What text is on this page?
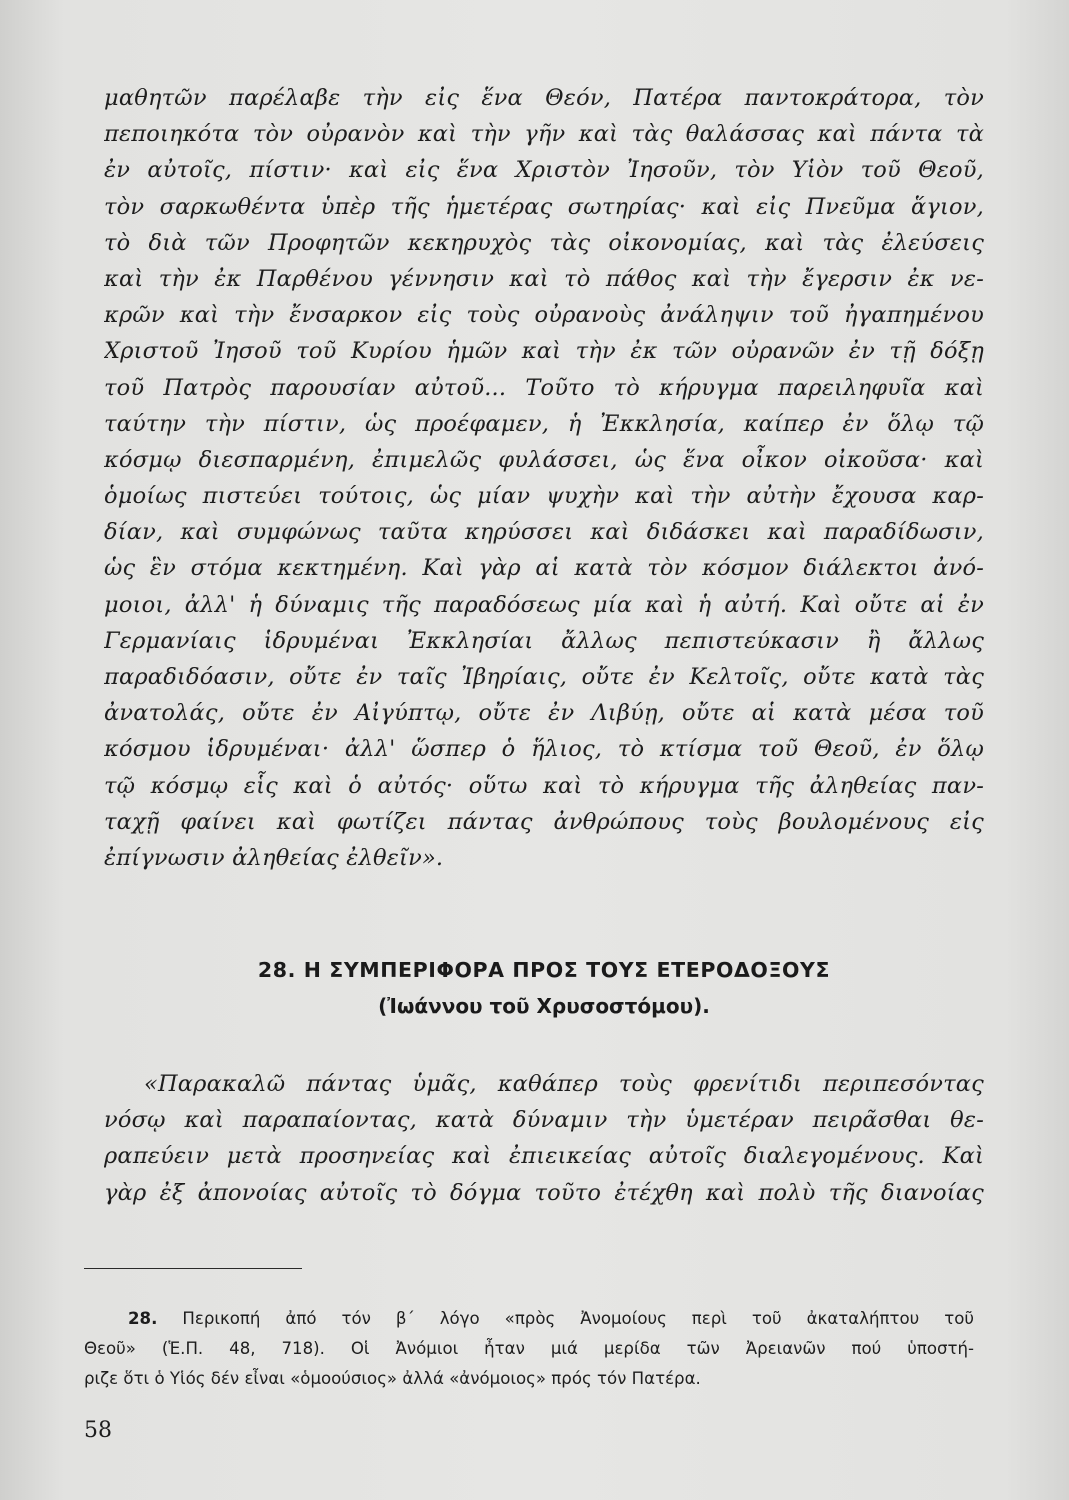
μαθητῶν παρέλαβε τὴν εἰς ἕνα Θεόν, Πατέρα παντοκράτορα, τὸν
πεποιηκότα τὸν οὐρανὸν καὶ τὴν γῆν καὶ τὰς θαλάσσας καὶ πάντα τὰ
ἐν αὐτοῖς, πίστιν· καὶ εἰς ἕνα Χριστὸν Ἰησοῦν, τὸν Υἱὸν τοῦ Θεοῦ,
τὸν σαρκωθέντα ὑπὲρ τῆς ἡμετέρας σωτηρίας· καὶ εἰς Πνεῦμα ἅγιον,
τὸ διὰ τῶν Προφητῶν κεκηρυχὸς τὰς οἰκονομίας, καὶ τὰς ἐλεύσεις
καὶ τὴν ἐκ Παρθένου γέννησιν καὶ τὸ πάθος καὶ τὴν ἔγερσιν ἐκ νε-
κρῶν καὶ τὴν ἔνσαρκον εἰς τοὺς οὐρανοὺς ἀνάληψιν τοῦ ἠγαπημένου
Χριστοῦ Ἰησοῦ τοῦ Κυρίου ἡμῶν καὶ τὴν ἐκ τῶν οὐρανῶν ἐν τῇ δόξῃ
τοῦ Πατρὸς παρουσίαν αὐτοῦ... Τοῦτο τὸ κήρυγμα παρειληφυῖα καὶ
ταύτην τὴν πίστιν, ὡς προέφαμεν, ἡ Ἐκκλησία, καίπερ ἐν ὅλῳ τῷ
κόσμῳ διεσπαρμένη, ἐπιμελῶς φυλάσσει, ὡς ἕνα οἶκον οἰκοῦσα· καὶ
ὁμοίως πιστεύει τούτοις, ὡς μίαν ψυχὴν καὶ τὴν αὐτὴν ἔχουσα καρ-
δίαν, καὶ συμφώνως ταῦτα κηρύσσει καὶ διδάσκει καὶ παραδίδωσιν,
ὡς ἓν στόμα κεκτημένη. Καὶ γὰρ αἱ κατὰ τὸν κόσμον διάλεκτοι ἀνό-
μοιοι, ἀλλ' ἡ δύναμις τῆς παραδόσεως μία καὶ ἡ αὐτή. Καὶ οὔτε αἱ ἐν
Γερμανίαις ἱδρυμέναι Ἐκκλησίαι ἄλλως πεπιστεύκασιν ἢ ἄλλως
παραδιδόασιν, οὔτε ἐν ταῖς Ἰβηρίαις, οὔτε ἐν Κελτοῖς, οὔτε κατὰ τὰς
ἀνατολάς, οὔτε ἐν Αἰγύπτῳ, οὔτε ἐν Λιβύῃ, οὔτε αἱ κατὰ μέσα τοῦ
κόσμου ἱδρυμέναι· ἀλλ' ὥσπερ ὁ ἥλιος, τὸ κτίσμα τοῦ Θεοῦ, ἐν ὅλῳ
τῷ κόσμῳ εἷς καὶ ὁ αὐτός· οὕτω καὶ τὸ κήρυγμα τῆς ἀληθείας παν-
ταχῇ φαίνει καὶ φωτίζει πάντας ἀνθρώπους τοὺς βουλομένους εἰς
ἐπίγνωσιν ἀληθείας ἐλθεῖν».
28. Η ΣΥΜΠΕΡΙΦΟΡΑ ΠΡΟΣ ΤΟΥΣ ΕΤΕΡΟΔΟΞΟΥΣ
(Ἰωάννου τοῦ Χρυσοστόμου).
«Παρακαλῶ πάντας ὑμᾶς, καθάπερ τοὺς φρενίτιδι περιπεσόντας
νόσῳ καὶ παραπαίοντας, κατὰ δύναμιν τὴν ὑμετέραν πειρᾶσθαι θε-
ραπεύειν μετὰ προσηνείας καὶ ἐπιεικείας αὐτοῖς διαλεγομένους. Καὶ
γὰρ ἐξ ἀπονοίας αὐτοῖς τὸ δόγμα τοῦτο ἐτέχθη καὶ πολὺ τῆς διανοίας
28. Περικοπή ἀπό τόν β΄ λόγο «πρὸς Ἀνομοίους περὶ τοῦ ἀκαταλήπτου τοῦ
Θεοῦ» (Ἑ.Π. 48, 718). Οἱ Ἀνόμιοι ἦταν μιά μερίδα τῶν Ἀρειανῶν πού ὑποστή-
ριζε ὅτι ὁ Υἱός δέν εἶναι «ὁμοούσιος» ἀλλά «ἀνόμοιος» πρός τόν Πατέρα.
58
